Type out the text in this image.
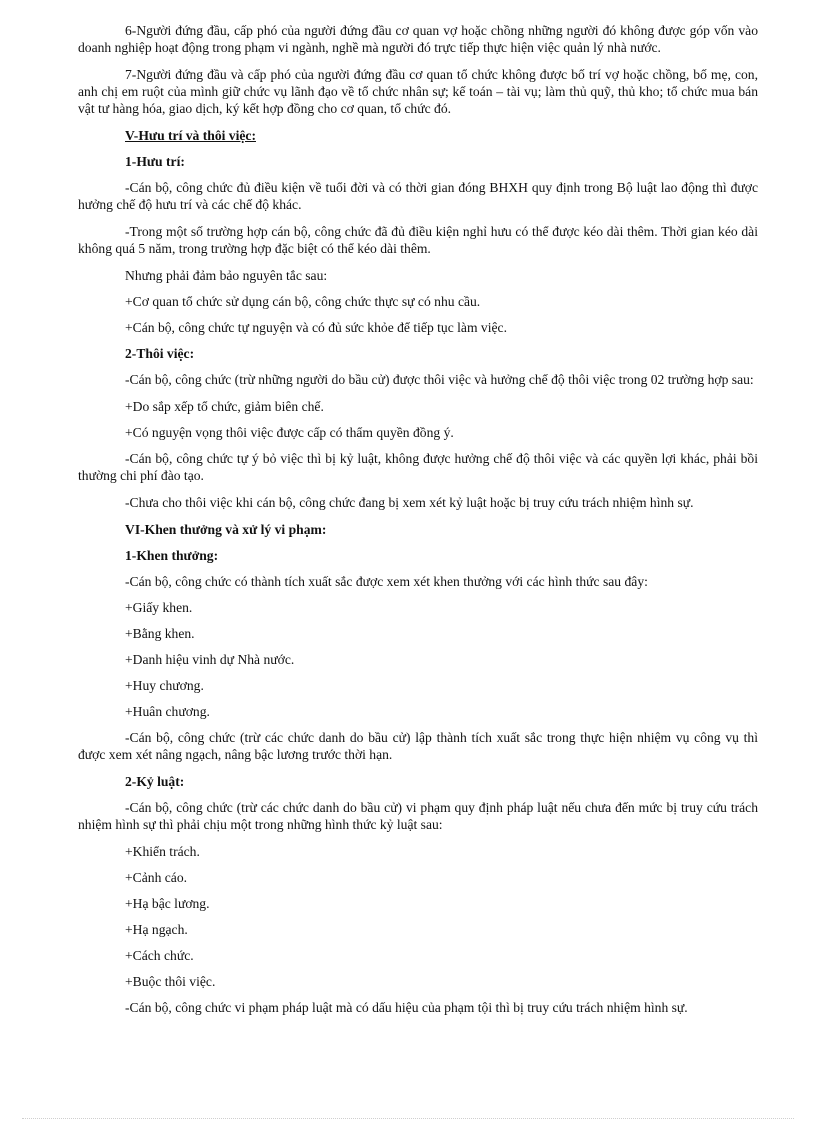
6-Người đứng đầu, cấp phó của người đứng đầu cơ quan vợ hoặc chồng những người đó không được góp vốn vào doanh nghiệp hoạt động trong phạm vi ngành, nghề mà người đó trực tiếp thực hiện việc quản lý nhà nước.

7-Người đứng đầu và cấp phó của người đứng đầu cơ quan tổ chức không được bố trí vợ hoặc chồng, bố mẹ, con, anh chị em ruột của mình giữ chức vụ lãnh đạo về tổ chức nhân sự; kế toán – tài vụ; làm thủ quỹ, thủ kho; tổ chức mua bán vật tư hàng hóa, giao dịch, ký kết hợp đồng cho cơ quan, tổ chức đó.

V-Hưu trí và thôi việc:

1-Hưu trí:

-Cán bộ, công chức đủ điều kiện về tuổi đời và có thời gian đóng BHXH quy định trong Bộ luật lao động thì được hưởng chế độ hưu trí và các chế độ khác.

-Trong một số trường hợp cán bộ, công chức đã đủ điều kiện nghỉ hưu có thể được kéo dài thêm. Thời gian kéo dài không quá 5 năm, trong trường hợp đặc biệt có thể kéo dài thêm.

Nhưng phải đảm bảo nguyên tắc sau:

+Cơ quan tổ chức sử dụng cán bộ, công chức thực sự có nhu cầu.

+Cán bộ, công chức tự nguyện và có đủ sức khỏe để tiếp tục làm việc.

2-Thôi việc:

-Cán bộ, công chức (trừ những người do bầu cử) được thôi việc và hưởng chế độ thôi việc trong 02 trường hợp sau:

+Do sắp xếp tổ chức, giảm biên chế.

+Có nguyện vọng thôi việc được cấp có thẩm quyền đồng ý.

-Cán bộ, công chức tự ý bỏ việc thì bị kỷ luật, không được hưởng chế độ thôi việc và các quyền lợi khác, phải bồi thường chi phí đào tạo.

-Chưa cho thôi việc khi cán bộ, công chức đang bị xem xét kỷ luật hoặc bị truy cứu trách nhiệm hình sự.

VI-Khen thưởng và xử lý vi phạm:

1-Khen thưởng:

-Cán bộ, công chức có thành tích xuất sắc được xem xét khen thưởng với các hình thức sau đây:

+Giấy khen.

+Bằng khen.

+Danh hiệu vinh dự Nhà nước.

+Huy chương.

+Huân chương.

-Cán bộ, công chức (trừ các chức danh do bầu cử) lập thành tích xuất sắc trong thực hiện nhiệm vụ công vụ thì được xem xét nâng ngạch, nâng bậc lương trước thời hạn.

2-Kỷ luật:

-Cán bộ, công chức (trừ các chức danh do bầu cử) vi phạm quy định pháp luật nếu chưa đến mức bị truy cứu trách nhiệm hình sự thì phải chịu một trong những hình thức kỷ luật sau:

+Khiển trách.

+Cảnh cáo.

+Hạ bậc lương.

+Hạ ngạch.

+Cách chức.

+Buộc thôi việc.

-Cán bộ, công chức vi phạm pháp luật mà có dấu hiệu của phạm tội thì bị truy cứu trách nhiệm hình sự.
